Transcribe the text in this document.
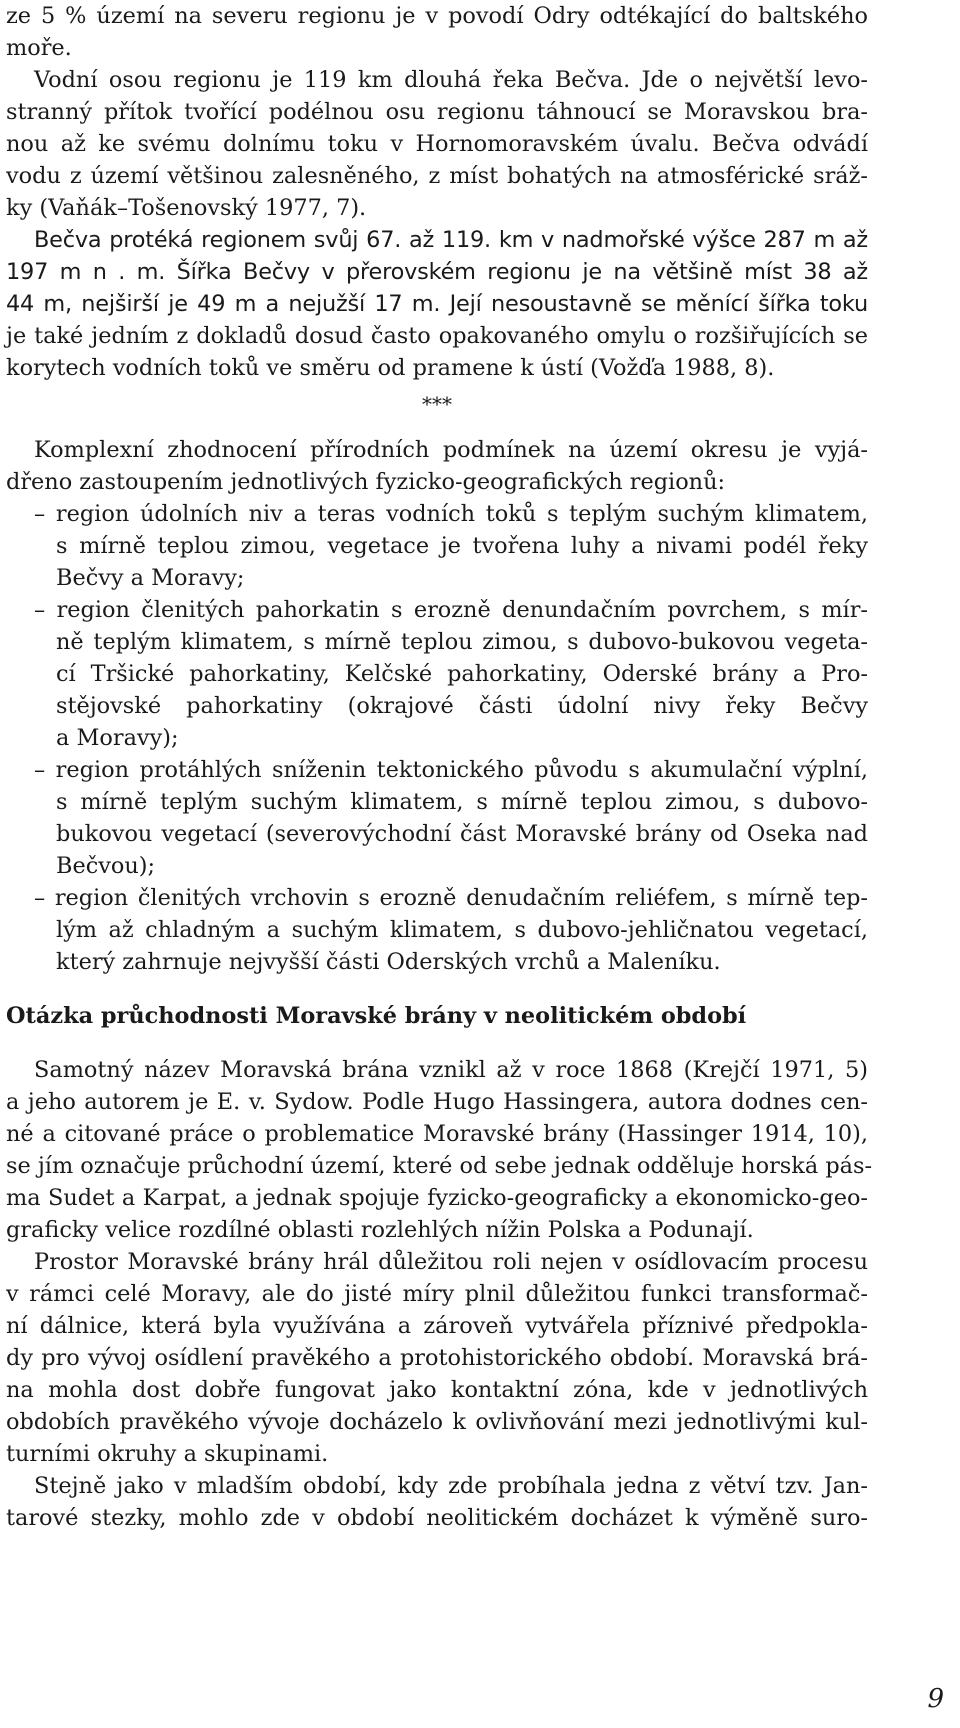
ze 5 % území na severu regionu je v povodí Odry odtékající do baltského
moře.
Vodní osou regionu je 119 km dlouhá řeka Bečva. Jde o největší levo-
stranný přítok tvořící podélnou osu regionu táhnoucí se Moravskou bra-
nou až ke svému dolnímu toku v Hornomoravském úvalu. Bečva odvádí
vodu z území většinou zalesněného, z míst bohatých na atmosférické sráž-
ky (Vaňák–Tošenovský 1977, 7).
Bečva protéká regionem svůj 67. až 119. km v nadmořské výšce 287 m až
197 m n . m. Šířka Bečvy v přerovském regionu je na většině míst 38 až
44 m, nejširší je 49 m a nejužší 17 m. Její nesoustavně se měnící šířka toku
je také jedním z dokladů dosud často opakovaného omylu o rozšiřujících se
korytech vodních toků ve směru od pramene k ústí (Vožďa 1988, 8).
***
Komplexní zhodnocení přírodních podmínek na území okresu je vyjá-
dřeno zastoupením jednotlivých fyzicko-geografických regionů:
– region údolních niv a teras vodních toků s teplým suchým klimatem,
s mírně teplou zimou, vegetace je tvořena luhy a nivami podél řeky
Bečvy a Moravy;
– region členitých pahorkatin s erozně denundačním povrchem, s mír-
ně teplým klimatem, s mírně teplou zimou, s dubovo-bukovou vegeta-
cí Tršické pahorkatiny, Kelčské pahorkatiny, Oderské brány a Pro-
stějovské pahorkatiny (okrajové části údolní nivy řeky Bečvy
a Moravy);
– region protáhlých sníženin tektonického původu s akumulační výplní,
s mírně teplým suchým klimatem, s mírně teplou zimou, s dubovo-
bukovou vegetací (severovýchodní část Moravské brány od Oseka nad
Bečvou);
– region členitých vrchovin s erozně denudačním reliéfem, s mírně tep-
lým až chladným a suchým klimatem, s dubovo-jehličnatou vegetací,
který zahrnuje nejvyšší části Oderských vrchů a Maleníku.
Otázka průchodnosti Moravské brány v neolitickém období
Samotný název Moravská brána vznikl až v roce 1868 (Krejčí 1971, 5)
a jeho autorem je E. v. Sydow. Podle Hugo Hassingera, autora dodnes cen-
né a citované práce o problematice Moravské brány (Hassinger 1914, 10),
se jím označuje průchodní území, které od sebe jednak odděluje horská pás-
ma Sudet a Karpat, a jednak spojuje fyzicko-geograficky a ekonomicko-geo-
graficky velice rozdílné oblasti rozlehlých nížin Polska a Podunají.
Prostor Moravské brány hrál důležitou roli nejen v osídlovacím procesu
v rámci celé Moravy, ale do jisté míry plnil důležitou funkci transformač-
ní dálnice, která byla využívána a zároveň vytvářela příznivé předpokla-
dy pro vývoj osídlení pravěkého a protohistorického období. Moravská brá-
na mohla dost dobře fungovat jako kontaktní zóna, kde v jednotlivých
obdobích pravěkého vývoje docházelo k ovlivňování mezi jednotlivými kul-
turními okruhy a skupinami.
Stejně jako v mladším období, kdy zde probíhala jedna z větví tzv. Jan-
tarové stezky, mohlo zde v období neolitickém docházet k výměně suro-
9
